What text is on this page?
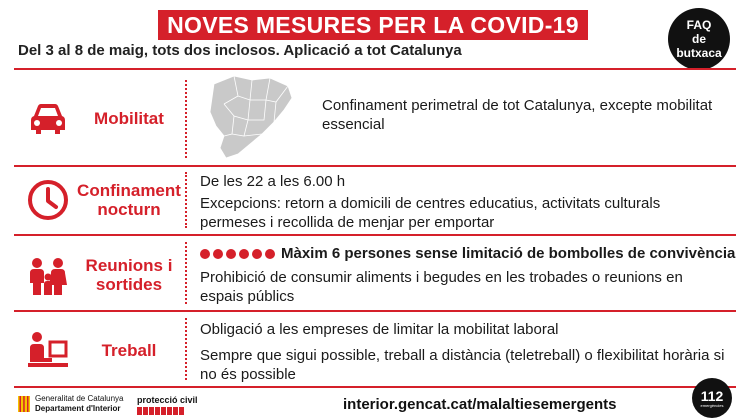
NOVES MESURES PER LA COVID-19	FAQ
de
butxaca
Del 3 al 8 de maig, tots dos inclosos. Aplicació a tot Catalunya
Mobilitat
Confinament perimetral de tot Catalunya, excepte mobilitat essencial
Confinament
nocturn
De les 22 a les 6.00 h
Excepcions: retorn a domicili de centres educatius, activitats culturals permeses i recollida de menjar per emportar
Reunions i
sortides
Màxim 6 persones sense limitació de bombolles de convivència
Prohibició de consumir aliments i begudes en les trobades o reunions en espais públics
Treball
Obligació a les empreses de limitar la mobilitat laboral
Sempre que sigui possible, treball a distància (teletreball) o flexibilitat horària si no és possible
Generalitat de Catalunya
Departament d'Interior
protecció civil	interior.gencat.cat/malaltiesemergents
112
emergències
